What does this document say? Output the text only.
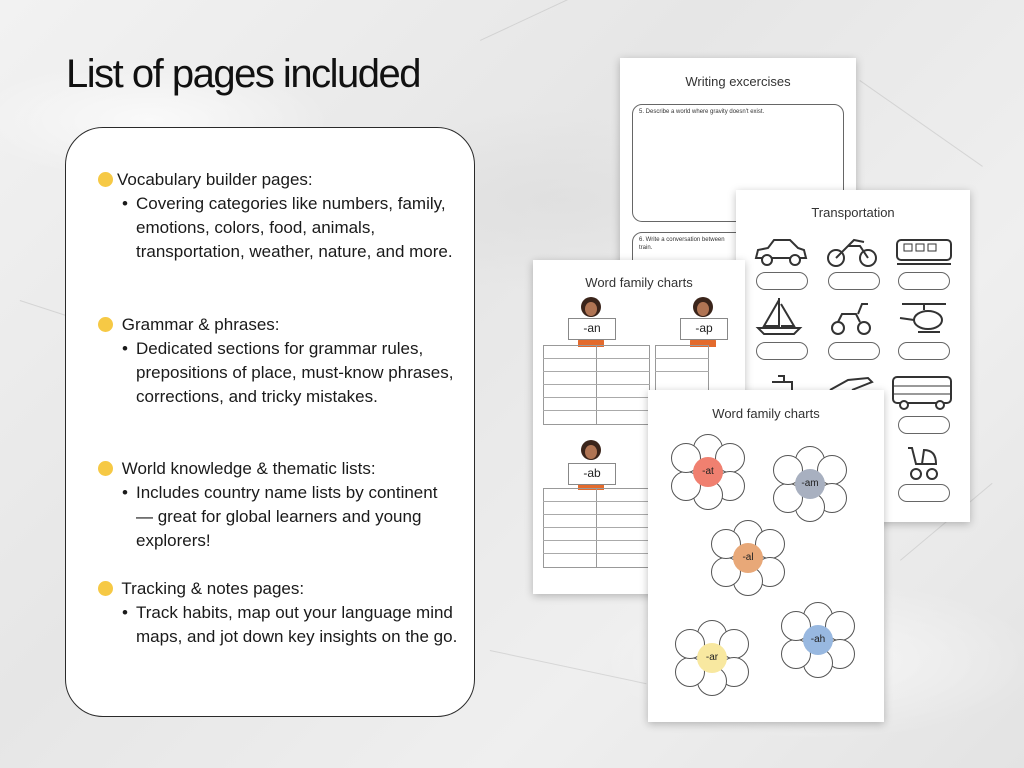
List of pages included
Vocabulary builder pages:
• Covering categories like numbers, family, emotions, colors, food, animals, transportation, weather, nature, and more.
Grammar & phrases:
• Dedicated sections for grammar rules, prepositions of place, must-know phrases, corrections, and tricky mistakes.
World knowledge & thematic lists:
• Includes country name lists by continent — great for global learners and young explorers!
Tracking & notes pages:
• Track habits, map out your language mind maps, and jot down key insights on the go.
Writing excercises
5. Describe a world where gravity doesn't exist.
6. Write a conversation between
train.
Transportation
Word family charts
-an	-ap
-ab
Word family charts
-at
-am
-al
-ar
-ah
